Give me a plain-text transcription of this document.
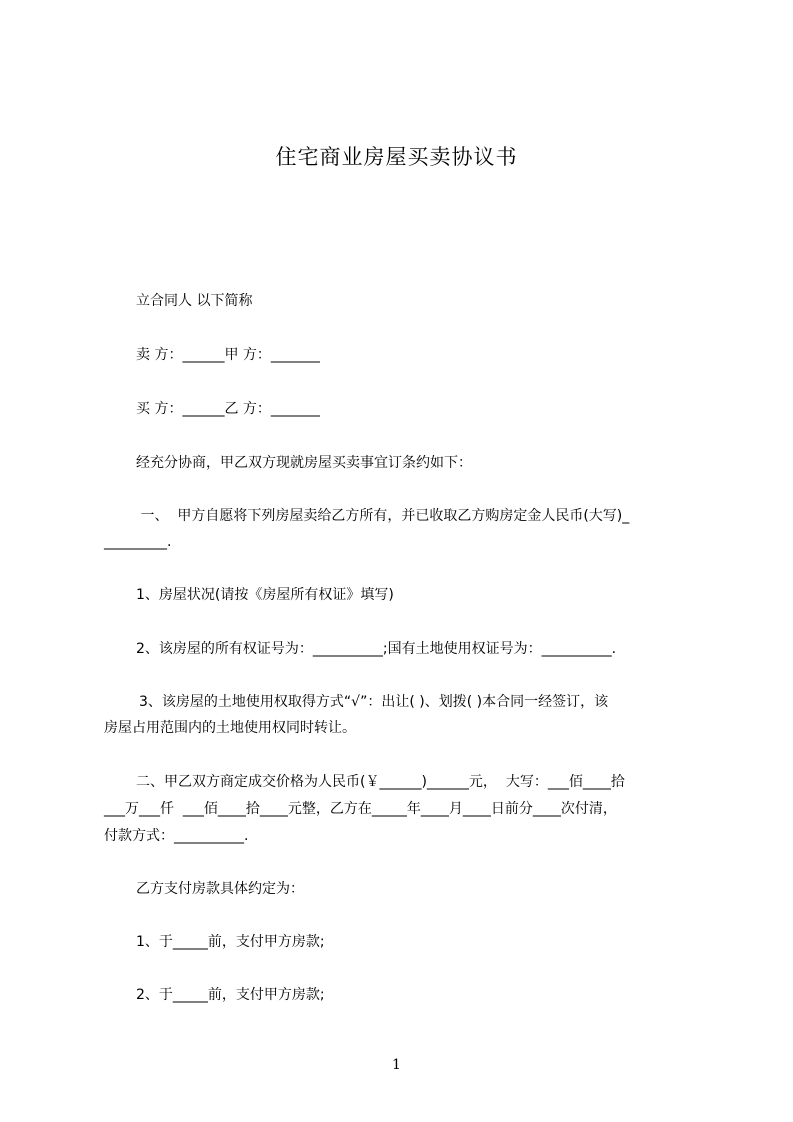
住宅商业房屋买卖协议书
立合同人 以下简称
卖 方：______甲 方：_______
买 方：______乙 方：_______
经充分协商，甲乙双方现就房屋买卖事宜订条约如下：
一、  甲方自愿将下列房屋卖给乙方所有，并已收取乙方购房定金人民币(大写)_
_________.
1、房屋状况(请按《房屋所有权证》填写)
2、该房屋的所有权证号为：__________;国有土地使用权证号为：__________.
3、该房屋的土地使用权取得方式“√”：出让( )、划拨( )本合同一经签订，该
房屋占用范围内的土地使用权同时转让。
二、甲乙双方商定成交价格为人民币(￥______)______元，  大写：___佰____拾
___万___仟  ___佰____拾____元整，乙方在_____年____月____日前分____次付清，
付款方式：__________.
乙方支付房款具体约定为：
1、于_____前，支付甲方房款;
2、于_____前，支付甲方房款;
1
